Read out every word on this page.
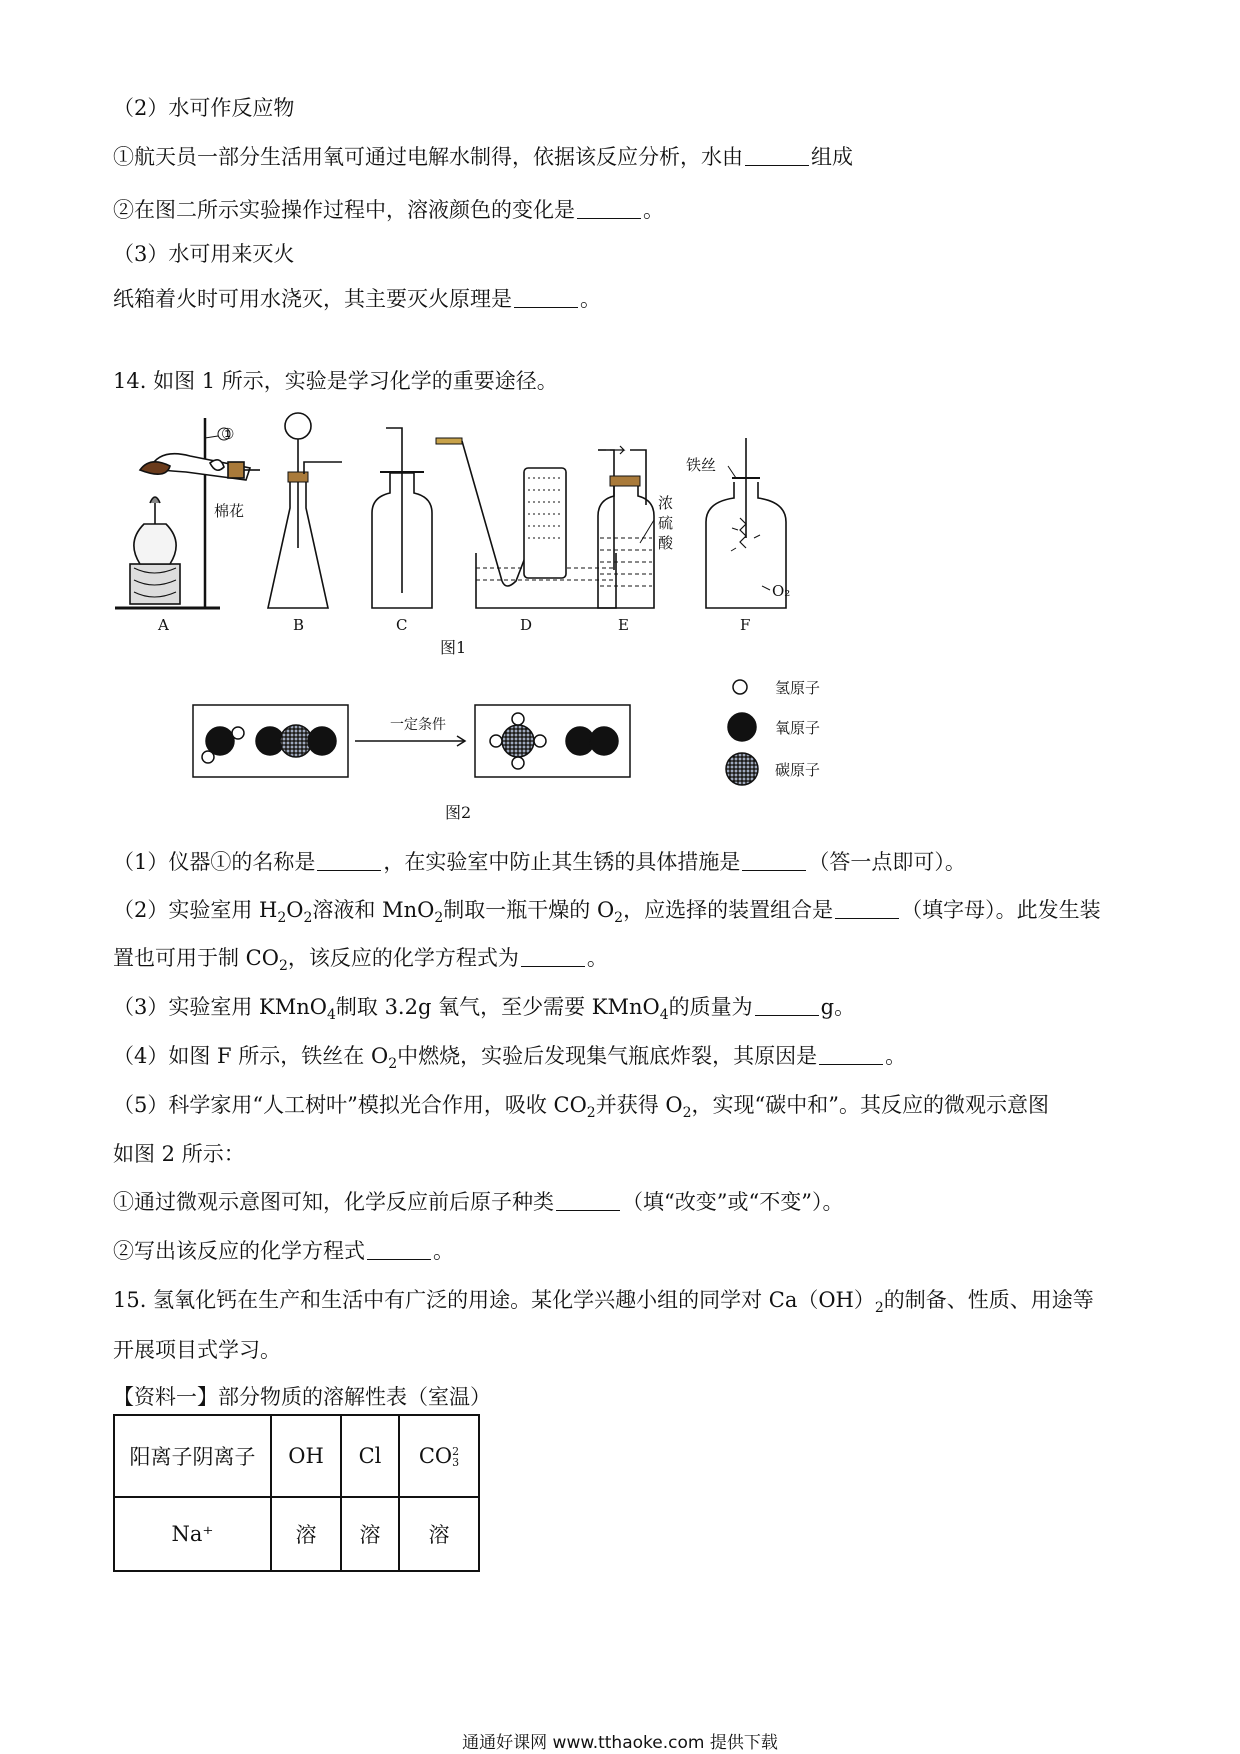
（2）水可作反应物
①航天员一部分生活用氧可通过电解水制得，依据该反应分析，水由	组成
②在图二所示实验操作过程中，溶液颜色的变化是	。
（3）水可用来灭火
纸箱着火时可用水浇灭，其主要灭火原理是	。
14. 如图 1 所示，实验是学习化学的重要途径。
①
棉花
A	B	C	D
浓
硫
酸
E
铁丝
O₂
F
图1
一定条件
氢原子
氧原子
碳原子
图2
（1）仪器①的名称是	，在实验室中防止其生锈的具体措施是	（答一点即可）。
（2）实验室用 $H_2O_2$溶液和 MnO$_2$制取一瓶干燥的 $O_2$，应选择的装置组合是	（填字母）。此发生装
置也可用于制 $CO_2$，该反应的化学方程式为	。
（3）实验室用 KMnO$_4$制取 3.2g 氧气，至少需要 KMnO$_4$的质量为	g。
（4）如图 F 所示，铁丝在 $O_2$中燃烧，实验后发现集气瓶底炸裂，其原因是	。
（5）科学家用“人工树叶”模拟光合作用，吸收 $CO_2$并获得 $O_2$，实现“碳中和”。其反应的微观示意图
如图 2 所示：
①通过微观示意图可知，化学反应前后原子种类	（填“改变”或“不变”）。
②写出该反应的化学方程式	。
15. 氢氧化钙在生产和生活中有广泛的用途。某化学兴趣小组的同学对 $Ca(OH)_2$的制备、性质、用途等
开展项目式学习。
【资料一】部分物质的溶解性表（室温）
阳离子阴离子	OH	Cl	CO 2
3

Na⁺	溶	溶	溶
通通好课网 www.tthaoke.com 提供下载
